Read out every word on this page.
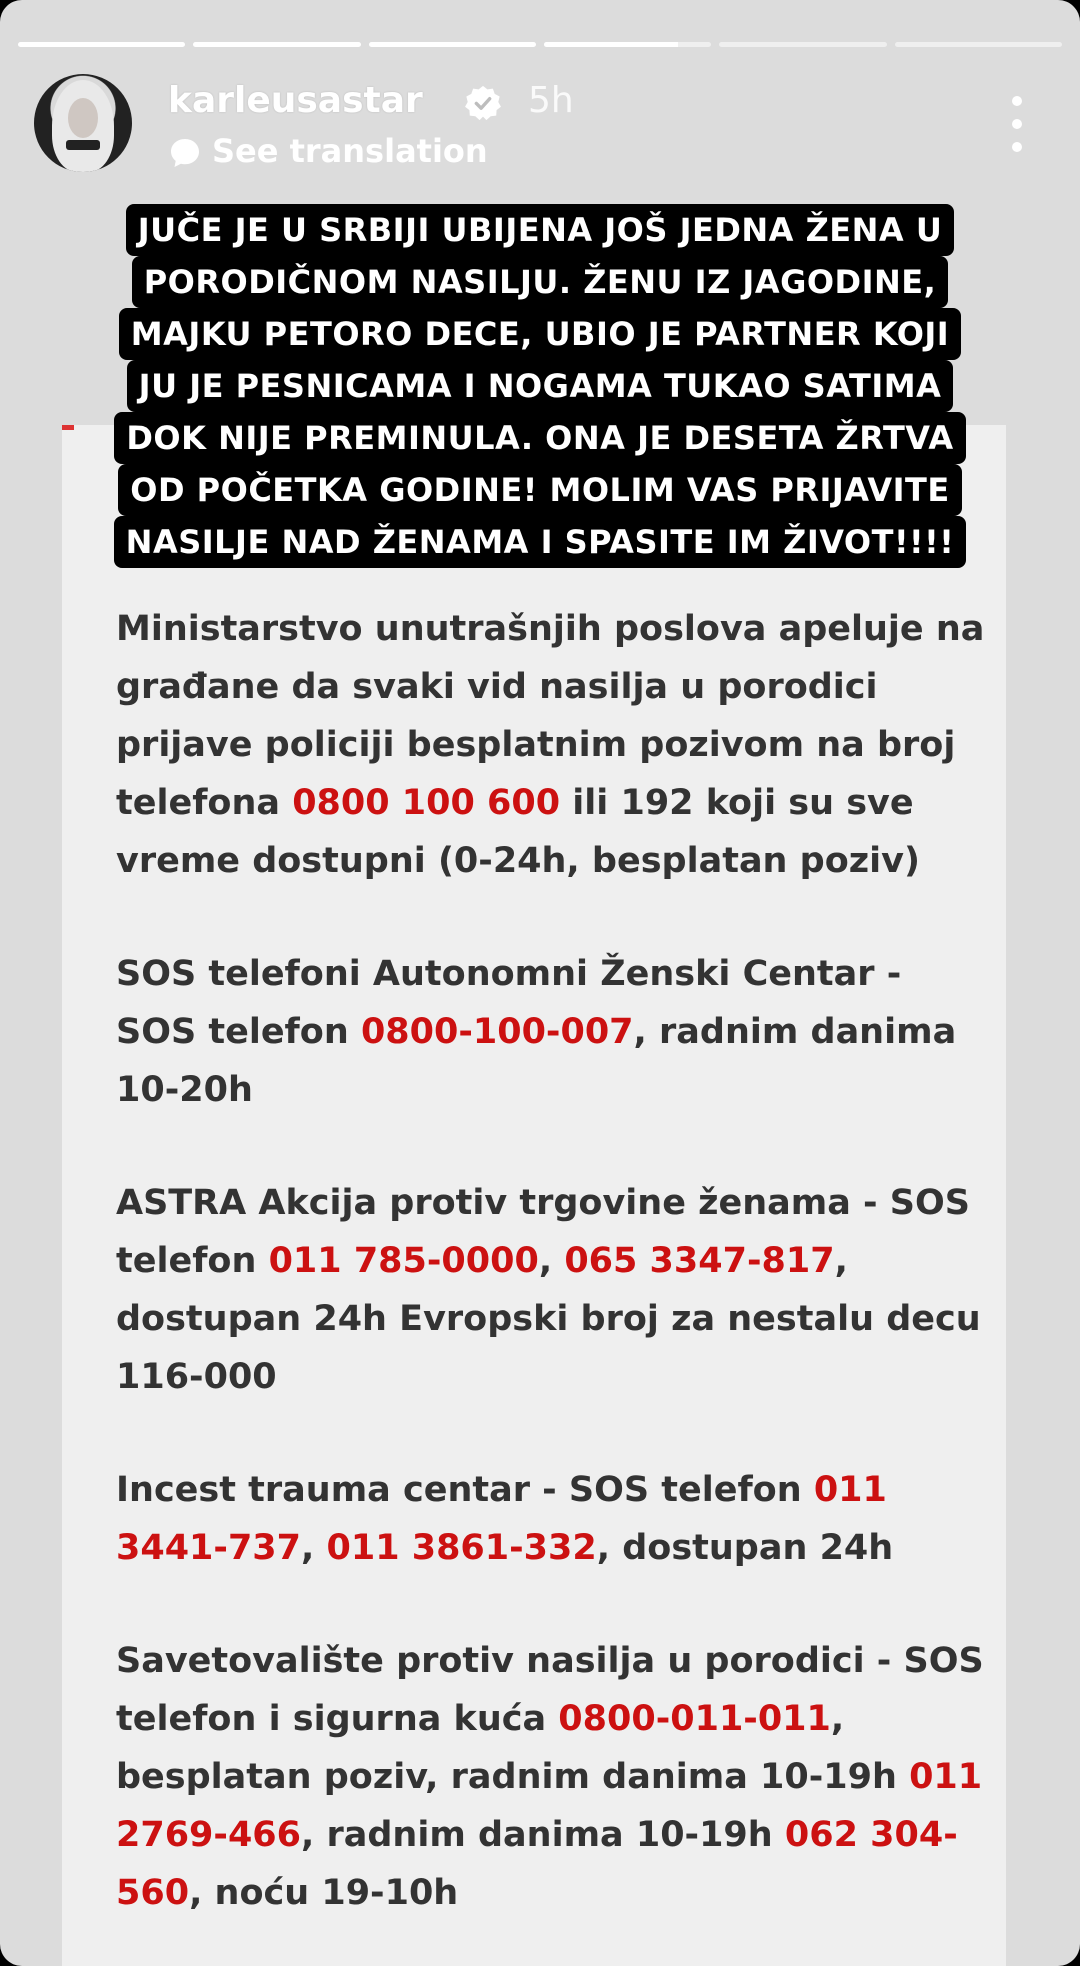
karleusastar	5h
See translation

Ministarstvo unutrašnjih poslova apeluje na građane da svaki vid nasilja u porodici prijave policiji besplatnim pozivom na broj telefona 0800 100 600 ili 192 koji su sve vreme dostupni (0-24h, besplatan poziv)

SOS telefoni Autonomni Ženski Centar - SOS telefon 0800-100-007, radnim danima 10-20h

ASTRA Akcija protiv trgovine ženama - SOS telefon 011 785-0000, 065 3347-817, dostupan 24h Evropski broj za nestalu decu 116-000

Incest trauma centar - SOS telefon 011 3441-737, 011 3861-332, dostupan 24h

Savetovalište protiv nasilja u porodici - SOS telefon i sigurna kuća 0800-011-011, besplatan poziv, radnim danima 10-19h 011 2769-466, radnim danima 10-19h 062 304-560, noću 19-10h

JUČE JE U SRBIJI UBIJENA JOŠ JEDNA ŽENA U
PORODIČNOM NASILJU. ŽENU IZ JAGODINE,
MAJKU PETORO DECE, UBIO JE PARTNER KOJI
JU JE PESNICAMA I NOGAMA TUKAO SATIMA
DOK NIJE PREMINULA. ONA JE DESETA ŽRTVA
OD POČETKA GODINE! MOLIM VAS PRIJAVITE
NASILJE NAD ŽENAMA I SPASITE IM ŽIVOT!!!!
